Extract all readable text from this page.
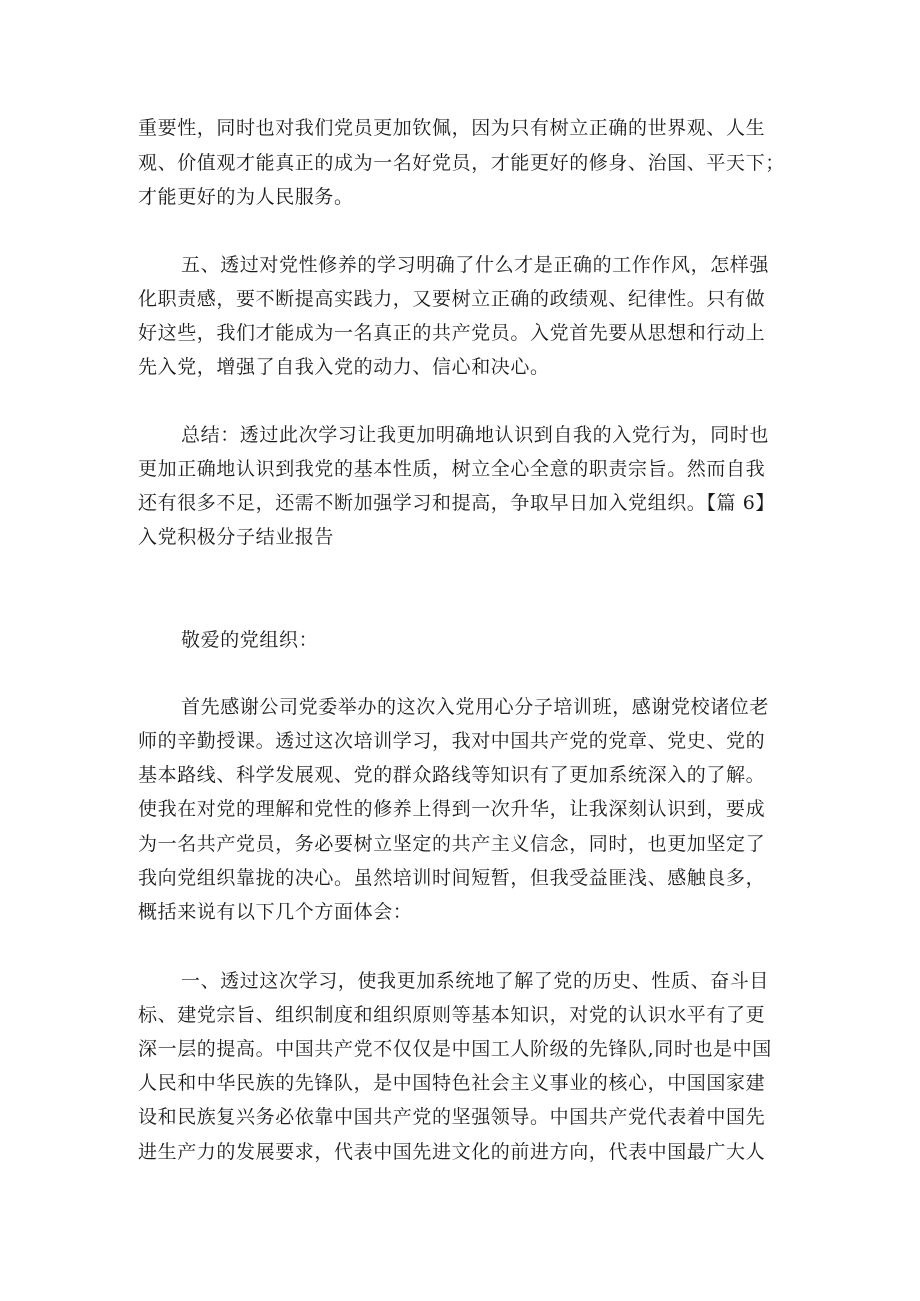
重要性，同时也对我们党员更加钦佩，因为只有树立正确的世界观、人生
观、价值观才能真正的成为一名好党员，才能更好的修身、治国、平天下；
才能更好的为人民服务。
五、透过对党性修养的学习明确了什么才是正确的工作作风，怎样强
化职责感，要不断提高实践力，又要树立正确的政绩观、纪律性。只有做
好这些，我们才能成为一名真正的共产党员。入党首先要从思想和行动上
先入党，增强了自我入党的动力、信心和决心。
总结：透过此次学习让我更加明确地认识到自我的入党行为，同时也
更加正确地认识到我党的基本性质，树立全心全意的职责宗旨。然而自我
还有很多不足，还需不断加强学习和提高，争取早日加入党组织。【篇 6】
入党积极分子结业报告
敬爱的党组织：
首先感谢公司党委举办的这次入党用心分子培训班，感谢党校诸位老
师的辛勤授课。透过这次培训学习，我对中国共产党的党章、党史、党的
基本路线、科学发展观、党的群众路线等知识有了更加系统深入的了解。
使我在对党的理解和党性的修养上得到一次升华，让我深刻认识到，要成
为一名共产党员，务必要树立坚定的共产主义信念，同时，也更加坚定了
我向党组织靠拢的决心。虽然培训时间短暂，但我受益匪浅、感触良多，
概括来说有以下几个方面体会：
一、透过这次学习，使我更加系统地了解了党的历史、性质、奋斗目
标、建党宗旨、组织制度和组织原则等基本知识，对党的认识水平有了更
深一层的提高。中国共产党不仅仅是中国工人阶级的先锋队,同时也是中国
人民和中华民族的先锋队，是中国特色社会主义事业的核心，中国国家建
设和民族复兴务必依靠中国共产党的坚强领导。中国共产党代表着中国先
进生产力的发展要求，代表中国先进文化的前进方向，代表中国最广大人
